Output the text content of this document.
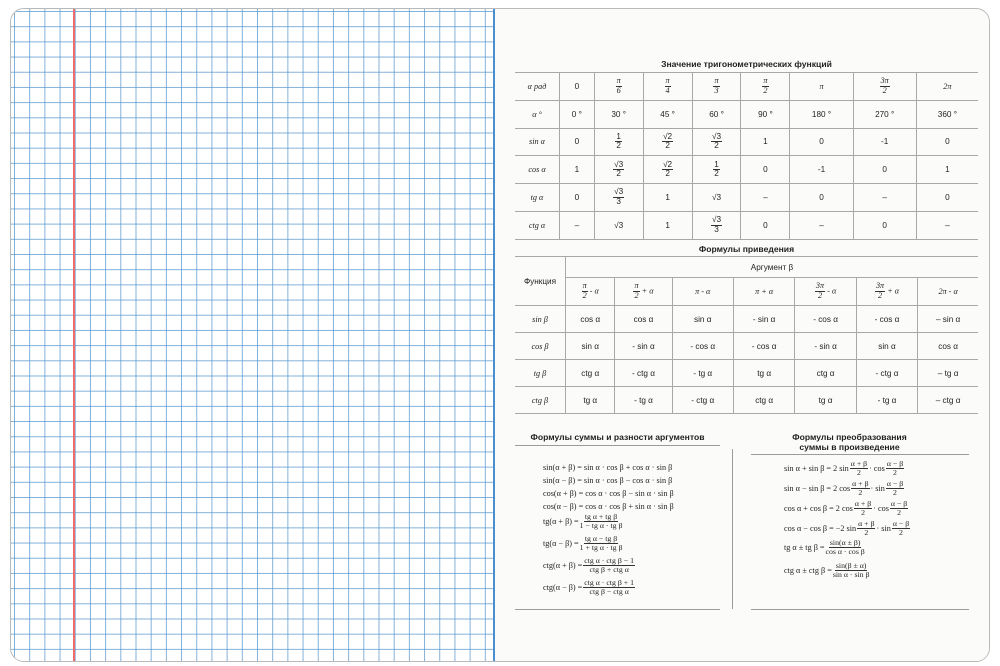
Значение тригонометрических функций
α рад	0	$\frac{\pi}{6}$	$\frac{\pi}{4}$	$\frac{\pi}{3}$	$\frac{\pi}{2}$	π	$\frac{3\pi}{2}$	2π
α °	0 °	30 °	45 °	60 °	90 °	180 °	270 °	360 °
sin α	0	$\frac{1}{2}$	$\frac{√2}{2}$	$\frac{√3}{2}$	1	0	-1	0
cos α	1	$\frac{√3}{2}$	$\frac{√2}{2}$	$\frac{1}{2}$	0	-1	0	1
tg α	0	$\frac{√3}{3}$	1	√3	–	0	–	0
ctg α	–	√3	1	$\frac{√3}{3}$	0	–	0	–
Формулы приведения
Функция	Аргумент β						

	$\frac{\pi}{2}$ - α	$\frac{\pi}{2} + \alpha$	π - α	π + α	$\frac{3\pi}{2}$ - α	$\frac{3\pi}{2} + \alpha$	2π - α
sin β	cos α	cos α	sin α	- sin α	- cos α	- cos α	– sin α
cos β	sin α	- sin α	- cos α	- cos α	- sin α	sin α	cos α
tg β	ctg α	- ctg α	- tg α	tg α	ctg α	- ctg α	– tg α
ctg β	tg α	- tg α	- ctg α	ctg α	tg α	- tg α	– ctg α
Формулы суммы и разности аргументов
sin(α + β) = sin α · cos β + cos α · sin β
sin(α − β) = sin α · cos β − cos α · sin β
cos(α + β) = cos α · cos β − sin α · sin β
cos(α − β) = cos α · cos β + sin α · sin β
$tg(\alpha + \beta) = \frac{\text{tg α + tg β}}{\text{1 − tg α · tg β}}$
$tg(\alpha - \beta) = \frac{\text{tg α − tg β}}{\text{1 + tg α · tg β}}$
$ctg(\alpha + \beta) = \frac{\text{ctg α · ctg β − 1}}{\text{ctg β + ctg α}}$
$ctg(\alpha - \beta) = \frac{\text{ctg α · ctg β + 1}}{\text{ctg β − ctg α}}$
Формулы преобразования
суммы в произведение
sin α + sin β = 2 $\sin \frac{\alpha + \beta}{2} \cdot \cos \frac{\alpha - \beta}{2}$
sin α − sin β = 2 $\cos \frac{\alpha + \beta}{2} \cdot \sin \frac{\alpha - \beta}{2}$
cos α + cos β = 2 $\cos \frac{\alpha + \beta}{2} \cdot \cos \frac{\alpha - \beta}{2}$
cos α − cos β = −2 $\sin \frac{\alpha + \beta}{2} \cdot \sin \frac{\alpha - \beta}{2}$
tg α ± tg $\beta = \frac{\sin(\alpha \pm \beta)}{\text{cos α · cos β}}$
ctg α ± ctg $\beta = \frac{\sin(\beta \pm \alpha)}{\text{sin α · sin β}}$
